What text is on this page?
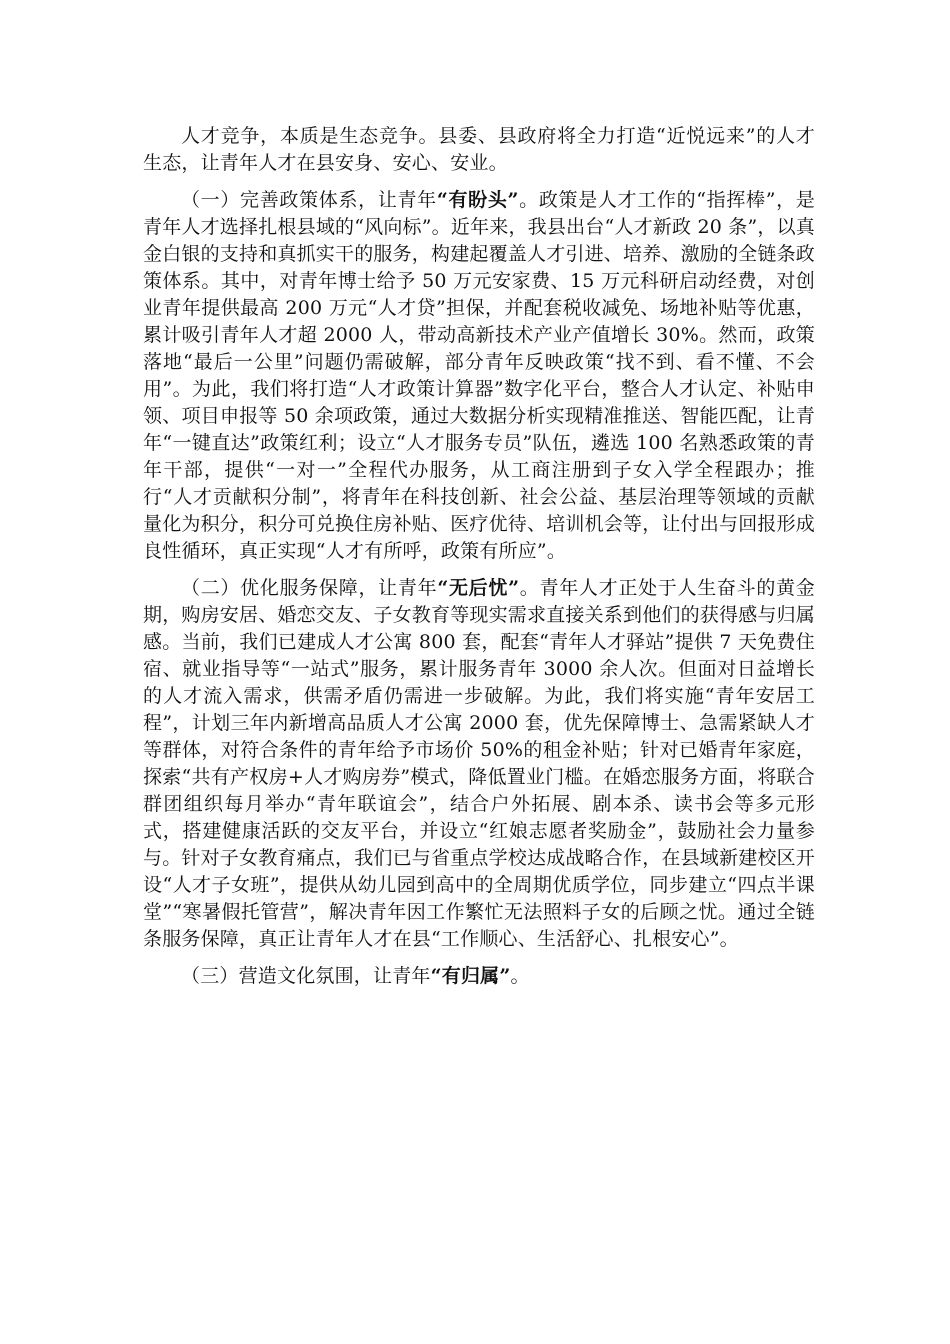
人才竞争，本质是生态竞争。县委、县政府将全力打造“近悦远来”的人才生态，让青年人才在县安身、安心、安业。

（一）完善政策体系，让青年“有盼头”。政策是人才工作的“指挥棒”，是青年人才选择扎根县域的“风向标”。近年来，我县出台“人才新政 20 条”，以真金白银的支持和真抓实干的服务，构建起覆盖人才引进、培养、激励的全链条政策体系。其中，对青年博士给予 50 万元安家费、15 万元科研启动经费，对创业青年提供最高 200 万元“人才贷”担保，并配套税收减免、场地补贴等优惠，累计吸引青年人才超 2000 人，带动高新技术产业产值增长 30%。然而，政策落地“最后一公里”问题仍需破解，部分青年反映政策“找不到、看不懂、不会用”。为此，我们将打造“人才政策计算器”数字化平台，整合人才认定、补贴申领、项目申报等 50 余项政策，通过大数据分析实现精准推送、智能匹配，让青年“一键直达”政策红利；设立“人才服务专员”队伍，遴选 100 名熟悉政策的青年干部，提供“一对一”全程代办服务，从工商注册到子女入学全程跟办；推行“人才贡献积分制”，将青年在科技创新、社会公益、基层治理等领域的贡献量化为积分，积分可兑换住房补贴、医疗优待、培训机会等，让付出与回报形成良性循环，真正实现“人才有所呼，政策有所应”。

（二）优化服务保障，让青年“无后忧”。青年人才正处于人生奋斗的黄金期，购房安居、婚恋交友、子女教育等现实需求直接关系到他们的获得感与归属感。当前，我们已建成人才公寓 800 套，配套“青年人才驿站”提供 7 天免费住宿、就业指导等“一站式”服务，累计服务青年 3000 余人次。但面对日益增长的人才流入需求，供需矛盾仍需进一步破解。为此，我们将实施“青年安居工程”，计划三年内新增高品质人才公寓 2000 套，优先保障博士、急需紧缺人才等群体，对符合条件的青年给予市场价 50%的租金补贴；针对已婚青年家庭，探索“共有产权房+人才购房券”模式，降低置业门槛。在婚恋服务方面，将联合群团组织每月举办“青年联谊会”，结合户外拓展、剧本杀、读书会等多元形式，搭建健康活跃的交友平台，并设立“红娘志愿者奖励金”，鼓励社会力量参与。针对子女教育痛点，我们已与省重点学校达成战略合作，在县域新建校区开设“人才子女班”，提供从幼儿园到高中的全周期优质学位，同步建立“四点半课堂”“寒暑假托管营”，解决青年因工作繁忙无法照料子女的后顾之忧。通过全链条服务保障，真正让青年人才在县“工作顺心、生活舒心、扎根安心”。

（三）营造文化氛围，让青年“有归属”。
